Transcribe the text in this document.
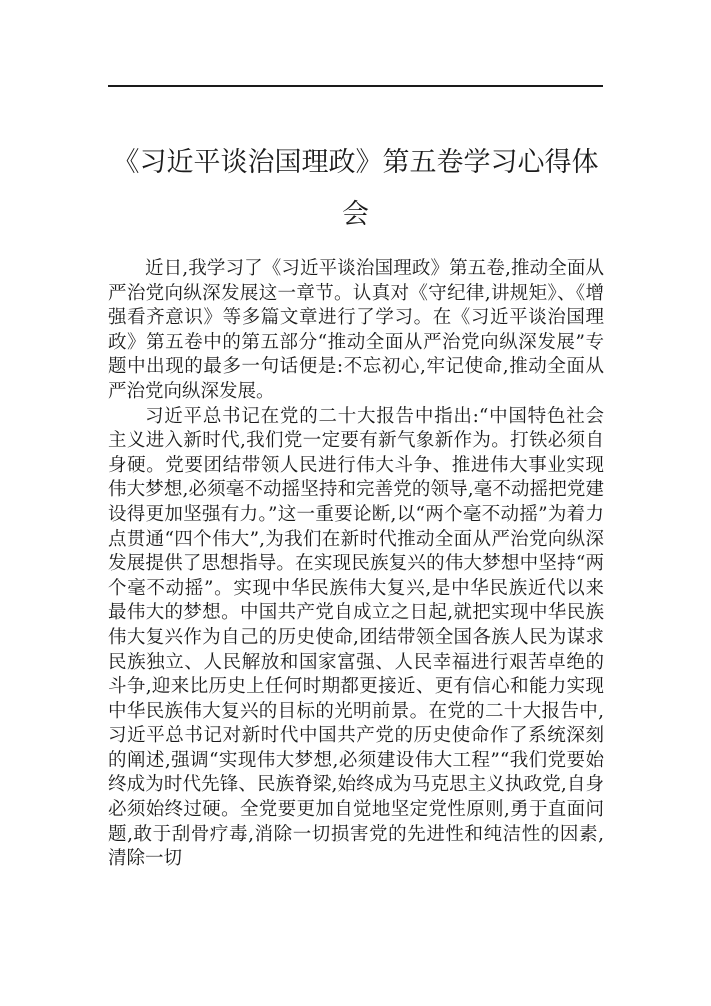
《习近平谈治国理政》第五卷学习心得体会

近日,我学习了《习近平谈治国理政》第五卷,推动全面从严治党向纵深发展这一章节。认真对《守纪律,讲规矩》、《增强看齐意识》等多篇文章进行了学习。在《习近平谈治国理政》第五卷中的第五部分“推动全面从严治党向纵深发展”专题中出现的最多一句话便是:不忘初心,牢记使命,推动全面从严治党向纵深发展。

习近平总书记在党的二十大报告中指出:“中国特色社会主义进入新时代,我们党一定要有新气象新作为。打铁必须自身硬。党要团结带领人民进行伟大斗争、推进伟大事业实现伟大梦想,必须毫不动摇坚持和完善党的领导,毫不动摇把党建设得更加坚强有力。”这一重要论断,以“两个毫不动摇”为着力点贯通“四个伟大”,为我们在新时代推动全面从严治党向纵深发展提供了思想指导。在实现民族复兴的伟大梦想中坚持“两个毫不动摇”。实现中华民族伟大复兴,是中华民族近代以来最伟大的梦想。中国共产党自成立之日起,就把实现中华民族伟大复兴作为自己的历史使命,团结带领全国各族人民为谋求民族独立、人民解放和国家富强、人民幸福进行艰苦卓绝的斗争,迎来比历史上任何时期都更接近、更有信心和能力实现中华民族伟大复兴的目标的光明前景。在党的二十大报告中,习近平总书记对新时代中国共产党的历史使命作了系统深刻的阐述,强调“实现伟大梦想,必须建设伟大工程”“我们党要始终成为时代先锋、民族脊梁,始终成为马克思主义执政党,自身必须始终过硬。全党要更加自觉地坚定党性原则,勇于直面问题,敢于刮骨疗毒,消除一切损害党的先进性和纯洁性的因素,清除一切
